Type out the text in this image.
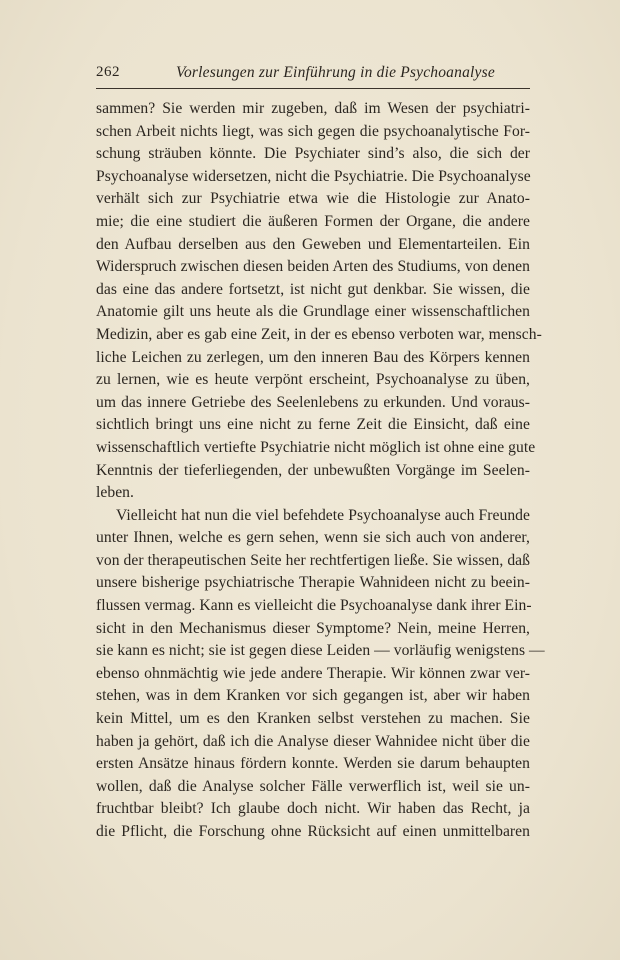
262	Vorlesungen zur Einführung in die Psychoanalyse
sammen? Sie werden mir zugeben, daß im Wesen der psychiatri-
schen Arbeit nichts liegt, was sich gegen die psychoanalytische For-
schung sträuben könnte. Die Psychiater sind’s also, die sich der
Psychoanalyse widersetzen, nicht die Psychiatrie. Die Psychoanalyse
verhält sich zur Psychiatrie etwa wie die Histologie zur Anato-
mie; die eine studiert die äußeren Formen der Organe, die andere
den Aufbau derselben aus den Geweben und Elementarteilen. Ein
Widerspruch zwischen diesen beiden Arten des Studiums, von denen
das eine das andere fortsetzt, ist nicht gut denkbar. Sie wissen, die
Anatomie gilt uns heute als die Grundlage einer wissenschaftlichen
Medizin, aber es gab eine Zeit, in der es ebenso verboten war, mensch-
liche Leichen zu zerlegen, um den inneren Bau des Körpers kennen
zu lernen, wie es heute verpönt erscheint, Psychoanalyse zu üben,
um das innere Getriebe des Seelenlebens zu erkunden. Und voraus-
sichtlich bringt uns eine nicht zu ferne Zeit die Einsicht, daß eine
wissenschaftlich vertiefte Psychiatrie nicht möglich ist ohne eine gute
Kenntnis der tieferliegenden, der unbewußten Vorgänge im Seelen-
leben.
Vielleicht hat nun die viel befehdete Psychoanalyse auch Freunde
unter Ihnen, welche es gern sehen, wenn sie sich auch von anderer,
von der therapeutischen Seite her rechtfertigen ließe. Sie wissen, daß
unsere bisherige psychiatrische Therapie Wahnideen nicht zu beein-
flussen vermag. Kann es vielleicht die Psychoanalyse dank ihrer Ein-
sicht in den Mechanismus dieser Symptome? Nein, meine Herren,
sie kann es nicht; sie ist gegen diese Leiden — vorläufig wenigstens —
ebenso ohnmächtig wie jede andere Therapie. Wir können zwar ver-
stehen, was in dem Kranken vor sich gegangen ist, aber wir haben
kein Mittel, um es den Kranken selbst verstehen zu machen. Sie
haben ja gehört, daß ich die Analyse dieser Wahnidee nicht über die
ersten Ansätze hinaus fördern konnte. Werden sie darum behaupten
wollen, daß die Analyse solcher Fälle verwerflich ist, weil sie un-
fruchtbar bleibt? Ich glaube doch nicht. Wir haben das Recht, ja
die Pflicht, die Forschung ohne Rücksicht auf einen unmittelbaren
